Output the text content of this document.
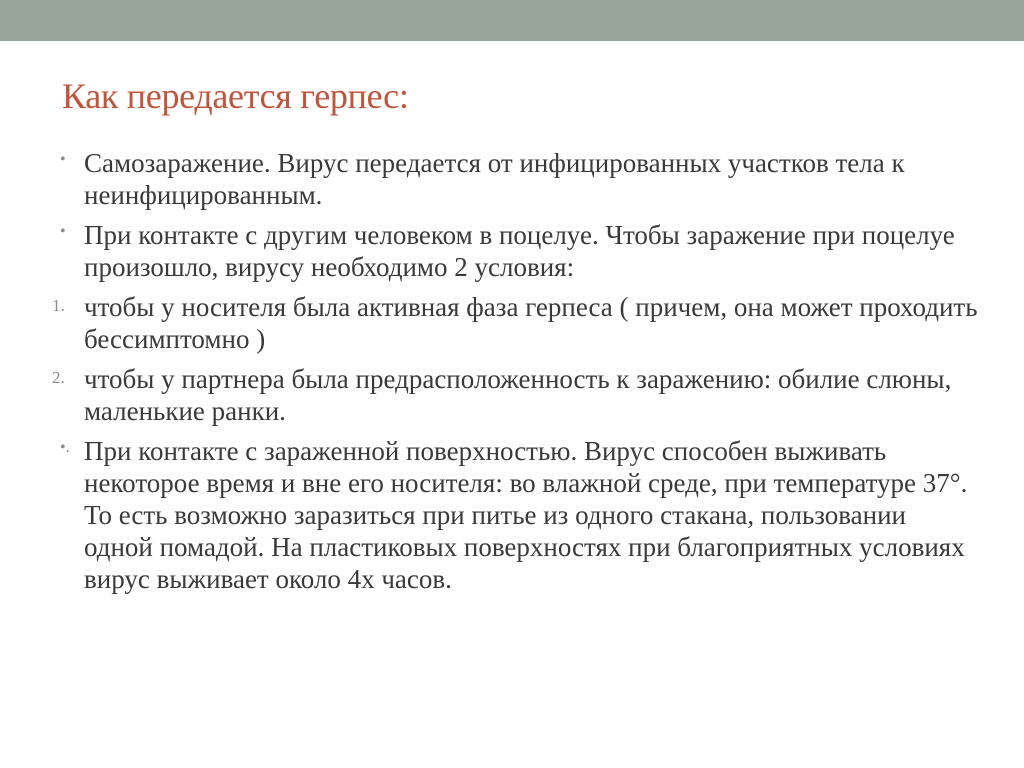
Как передается герпес:
• Самозаражение. Вирус передается от инфицированных участков тела к неинфицированным.
• При контакте с другим человеком в поцелуе. Чтобы заражение при поцелуе произошло, вирусу необходимо 2 условия:
1. чтобы у носителя была активная фаза герпеса ( причем, она может проходить бессимптомно )
2. чтобы у партнера была предрасположенность к заражению: обилие слюны, маленькие ранки.
•. При контакте с зараженной поверхностью. Вирус способен выживать некоторое время и вне его носителя: во влажной среде, при температуре 37°. То есть возможно заразиться при питье из одного стакана, пользовании одной помадой. На пластиковых поверхностях при благоприятных условиях вирус выживает около 4х часов.
